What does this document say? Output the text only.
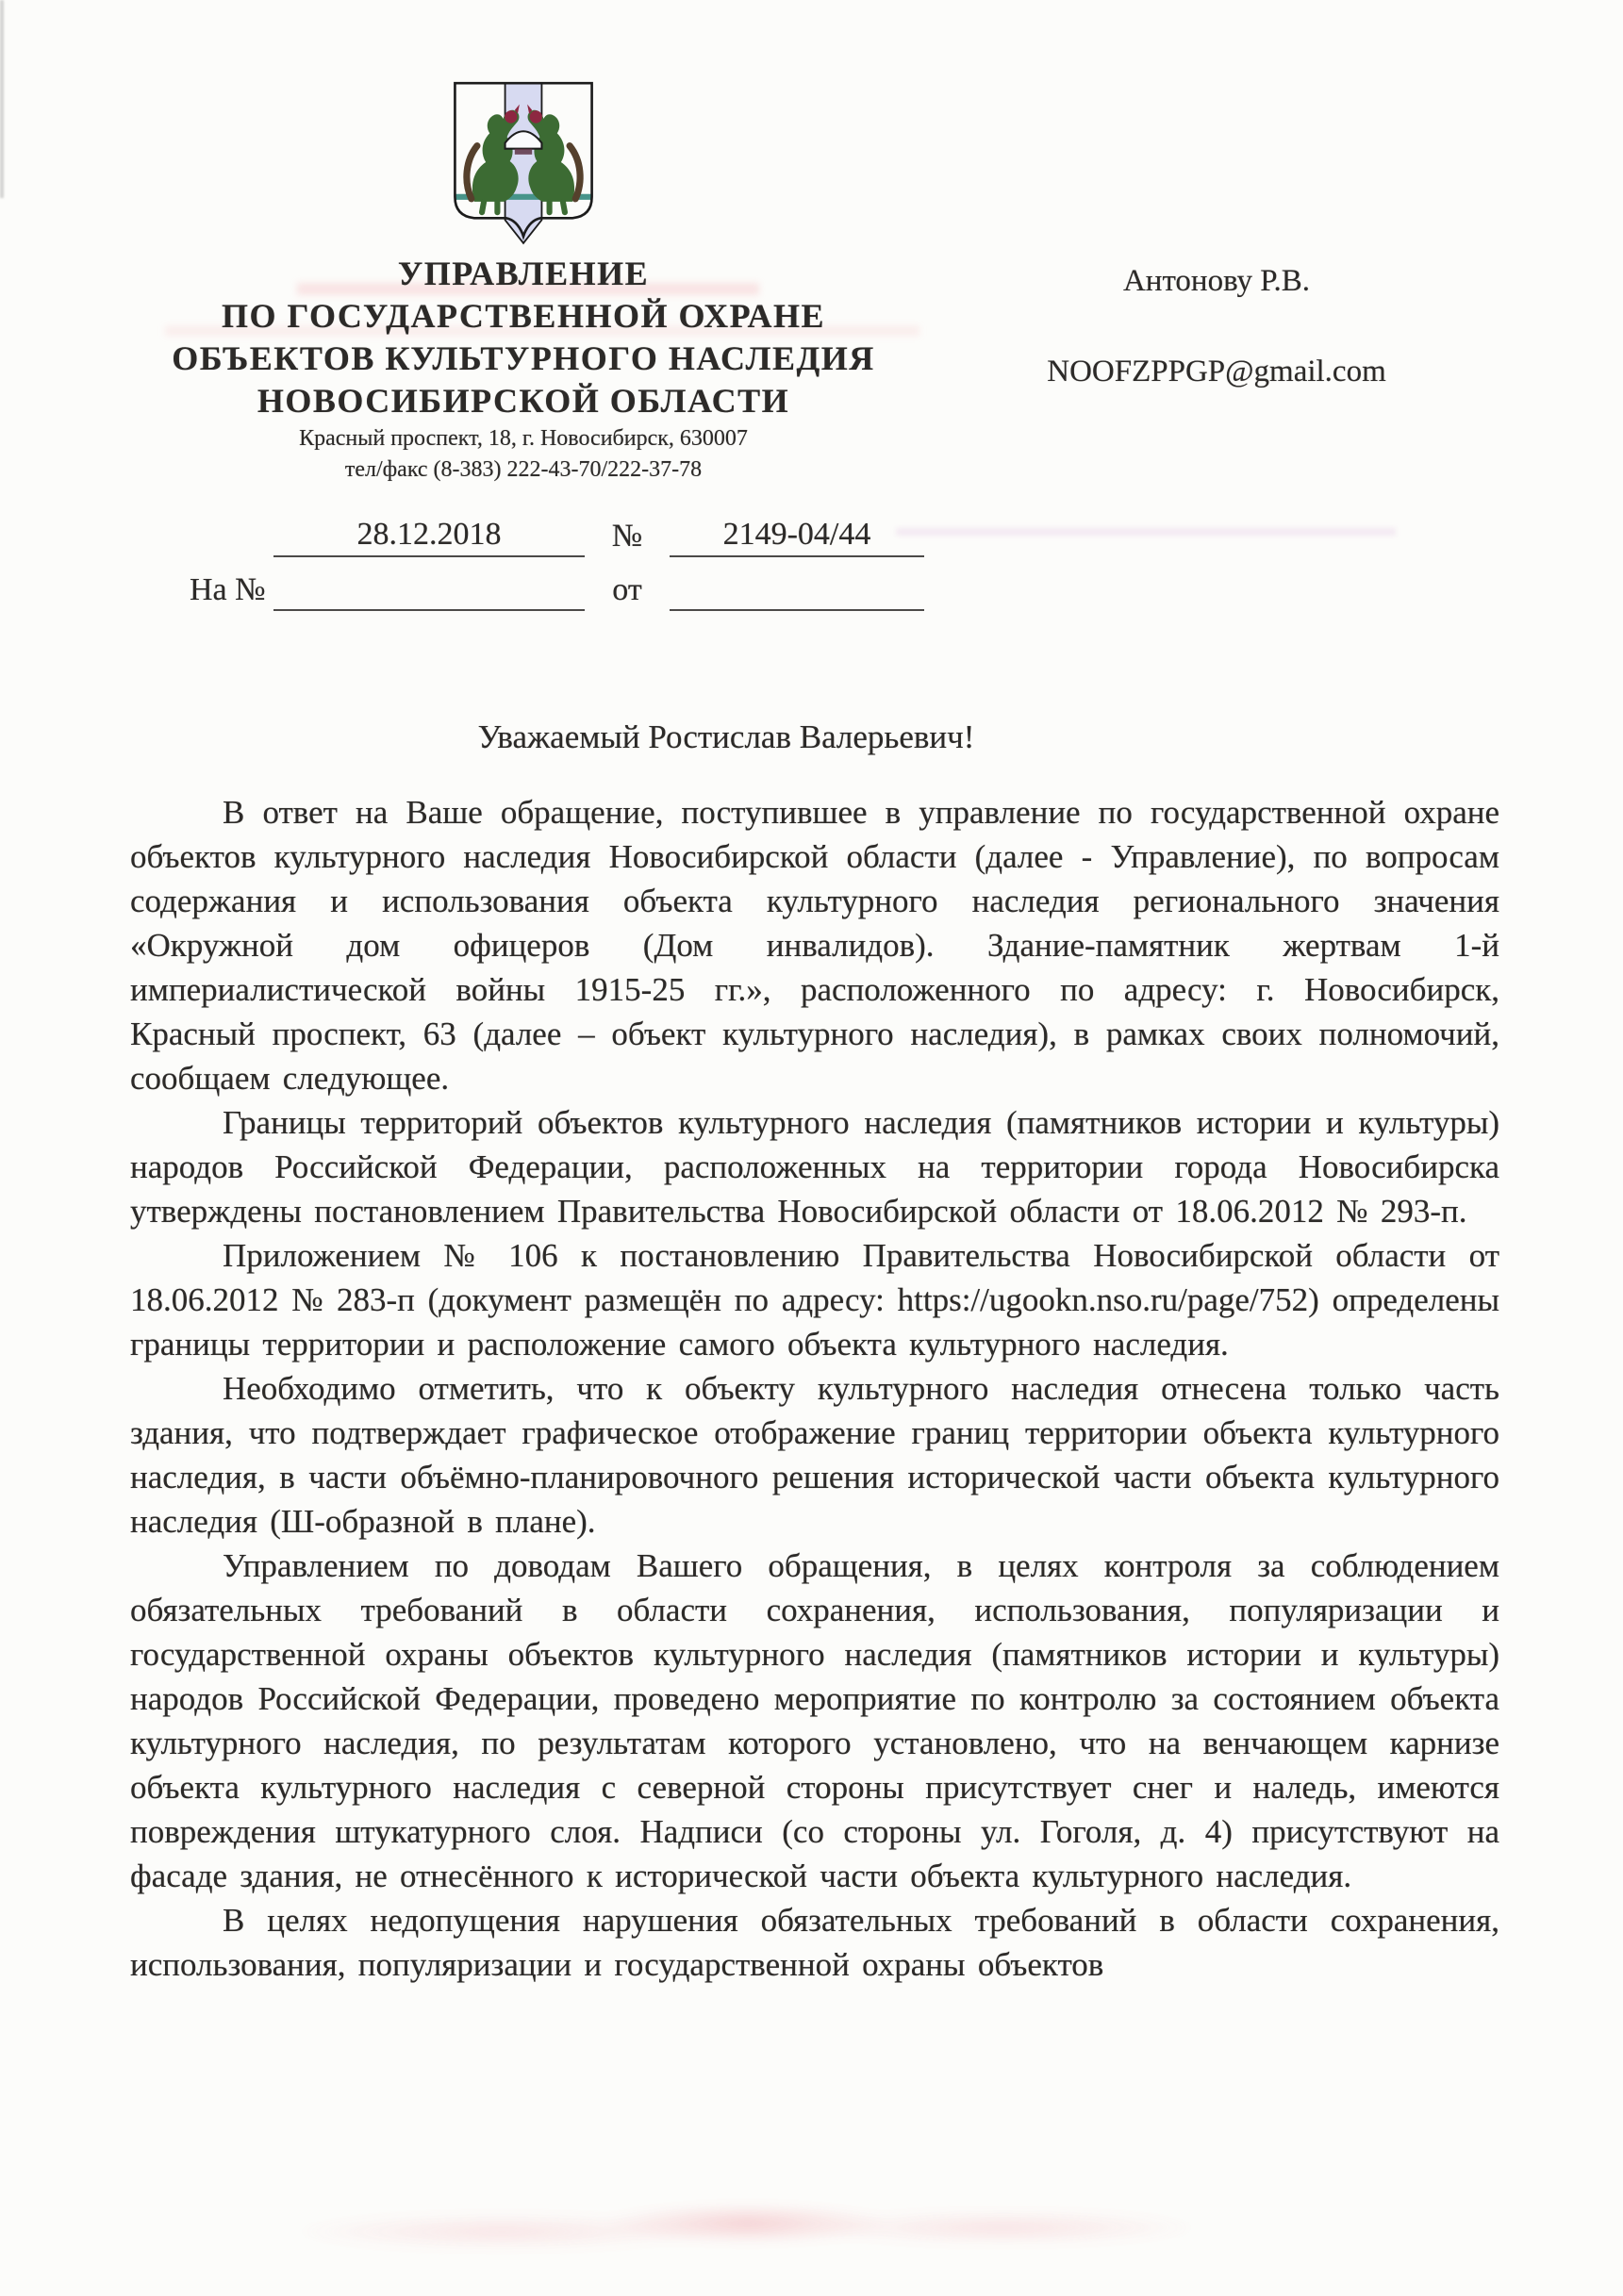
УПРАВЛЕНИЕ
ПО ГОСУДАРСТВЕННОЙ ОХРАНЕ
ОБЪЕКТОВ КУЛЬТУРНОГО НАСЛЕДИЯ
НОВОСИБИРСКОЙ ОБЛАСТИ
Красный проспект, 18, г. Новосибирск, 630007
тел/факс (8-383) 222-43-70/222-37-78
Антонову Р.В.
NOOFZPPGP@gmail.com
28.12.2018	№	2149-04/44
На №	от
Уважаемый Ростислав Валерьевич!

В ответ на Ваше обращение, поступившее в управление по государственной охране объектов культурного наследия Новосибирской области (далее - Управление), по вопросам содержания и использования объекта культурного наследия регионального значения «Окружной дом офицеров (Дом инвалидов). Здание-памятник жертвам 1-й империалистической войны 1915-25 гг.», расположенного по адресу: г. Новосибирск, Красный проспект, 63 (далее – объект культурного наследия), в рамках своих полномочий, сообщаем следующее.

Границы территорий объектов культурного наследия (памятников истории и культуры) народов Российской Федерации, расположенных на территории города Новосибирска утверждены постановлением Правительства Новосибирской области от 18.06.2012 № 293-п.

Приложением № 106 к постановлению Правительства Новосибирской области от 18.06.2012 № 283-п (документ размещён по адресу: https://ugookn.nso.ru/page/752) определены границы территории и расположение самого объекта культурного наследия.

Необходимо отметить, что к объекту культурного наследия отнесена только часть здания, что подтверждает графическое отображение границ территории объекта культурного наследия, в части объёмно-планировочного решения исторической части объекта культурного наследия (Ш-образной в плане).

Управлением по доводам Вашего обращения, в целях контроля за соблюдением обязательных требований в области сохранения, использования, популяризации и государственной охраны объектов культурного наследия (памятников истории и культуры) народов Российской Федерации, проведено мероприятие по контролю за состоянием объекта культурного наследия, по результатам которого установлено, что на венчающем карнизе объекта культурного наследия с северной стороны присутствует снег и наледь, имеются повреждения штукатурного слоя. Надписи (со стороны ул. Гоголя, д. 4) присутствуют на фасаде здания, не отнесённого к исторической части объекта культурного наследия.

В целях недопущения нарушения обязательных требований в области сохранения, использования, популяризации и государственной охраны объектов
